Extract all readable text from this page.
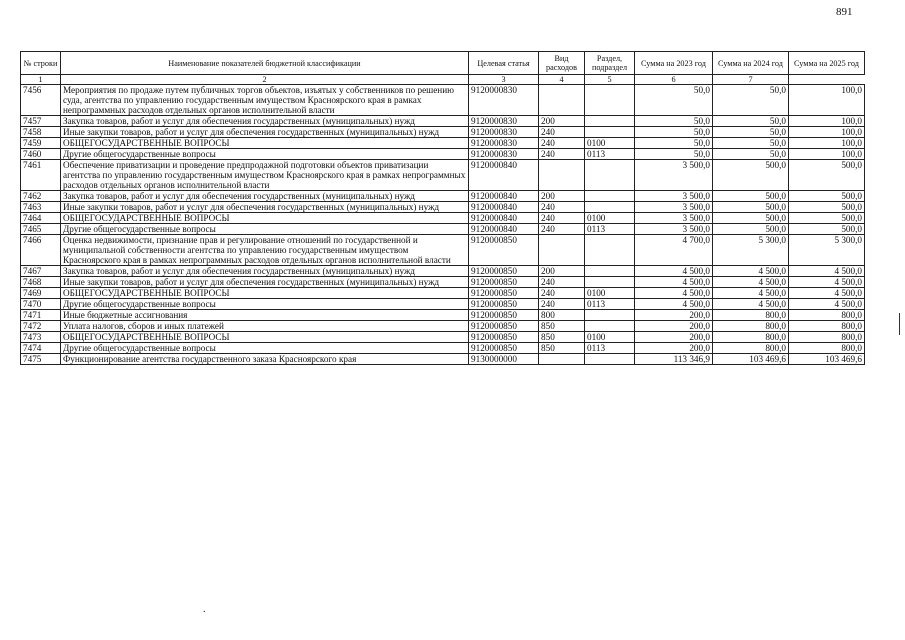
891
№ строки	Наименование показателей бюджетной классификации	Целевая статья	Вид расходов	Раздел, подраздел	Сумма на 2023 год	Сумма на 2024 год	Сумма на 2025 год
1	2	3	4	5	6	7	
7456	Мероприятия по продаже путем публичных торгов объектов, изъятых у собственников по решению суда, агентства по управлению государственным имуществом Красноярского края в рамках непрограммных расходов отдельных органов исполнительной власти	9120000830			50,0	50,0	100,0
7457	Закупка товаров, работ и услуг для обеспечения государственных (муниципальных) нужд	9120000830	200		50,0	50,0	100,0
7458	Иные закупки товаров, работ и услуг для обеспечения государственных (муниципальных) нужд	9120000830	240		50,0	50,0	100,0
7459	ОБЩЕГОСУДАРСТВЕННЫЕ ВОПРОСЫ	9120000830	240	0100	50,0	50,0	100,0
7460	Другие общегосударственные вопросы	9120000830	240	0113	50,0	50,0	100,0
7461	Обеспечение приватизации и проведение предпродажной подготовки объектов приватизации агентства по управлению государственным имуществом Красноярского края в рамках непрограммных расходов отдельных органов исполнительной власти	9120000840			3 500,0	500,0	500,0
7462	Закупка товаров, работ и услуг для обеспечения государственных (муниципальных) нужд	9120000840	200		3 500,0	500,0	500,0
7463	Иные закупки товаров, работ и услуг для обеспечения государственных (муниципальных) нужд	9120000840	240		3 500,0	500,0	500,0
7464	ОБЩЕГОСУДАРСТВЕННЫЕ ВОПРОСЫ	9120000840	240	0100	3 500,0	500,0	500,0
7465	Другие общегосударственные вопросы	9120000840	240	0113	3 500,0	500,0	500,0
7466	Оценка недвижимости, признание прав и регулирование отношений по государственной и муниципальной собственности агентства по управлению государственным имуществом Красноярского края в рамках непрограммных расходов отдельных органов исполнительной власти	9120000850			4 700,0	5 300,0	5 300,0
7467	Закупка товаров, работ и услуг для обеспечения государственных (муниципальных) нужд	9120000850	200		4 500,0	4 500,0	4 500,0
7468	Иные закупки товаров, работ и услуг для обеспечения государственных (муниципальных) нужд	9120000850	240		4 500,0	4 500,0	4 500,0
7469	ОБЩЕГОСУДАРСТВЕННЫЕ ВОПРОСЫ	9120000850	240	0100	4 500,0	4 500,0	4 500,0
7470	Другие общегосударственные вопросы	9120000850	240	0113	4 500,0	4 500,0	4 500,0
7471	Иные бюджетные ассигнования	9120000850	800		200,0	800,0	800,0
7472	Уплата налогов, сборов и иных платежей	9120000850	850		200,0	800,0	800,0
7473	ОБЩЕГОСУДАРСТВЕННЫЕ ВОПРОСЫ	9120000850	850	0100	200,0	800,0	800,0
7474	Другие общегосударственные вопросы	9120000850	850	0113	200,0	800,0	800,0
7475	Функционирование агентства государственного заказа Красноярского края	9130000000			113 346,9	103 469,6	103 469,6
.
